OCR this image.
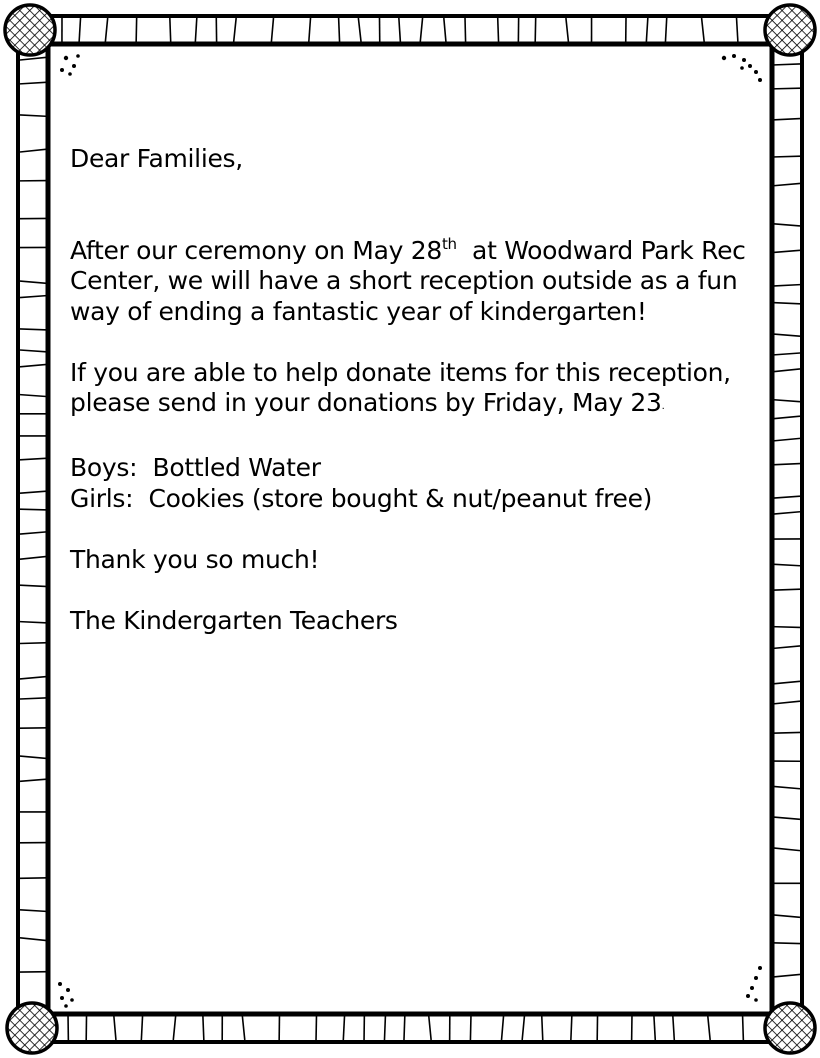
Dear Families,

After our ceremony on May 28th  at Woodward Park Rec Center, we will have a short reception outside as a fun way of ending a fantastic year of kindergarten!

If you are able to help donate items for this reception, please send in your donations by Friday, May 23.

Boys:  Bottled Water

Girls:  Cookies (store bought & nut/peanut free)

Thank you so much!

The Kindergarten Teachers
